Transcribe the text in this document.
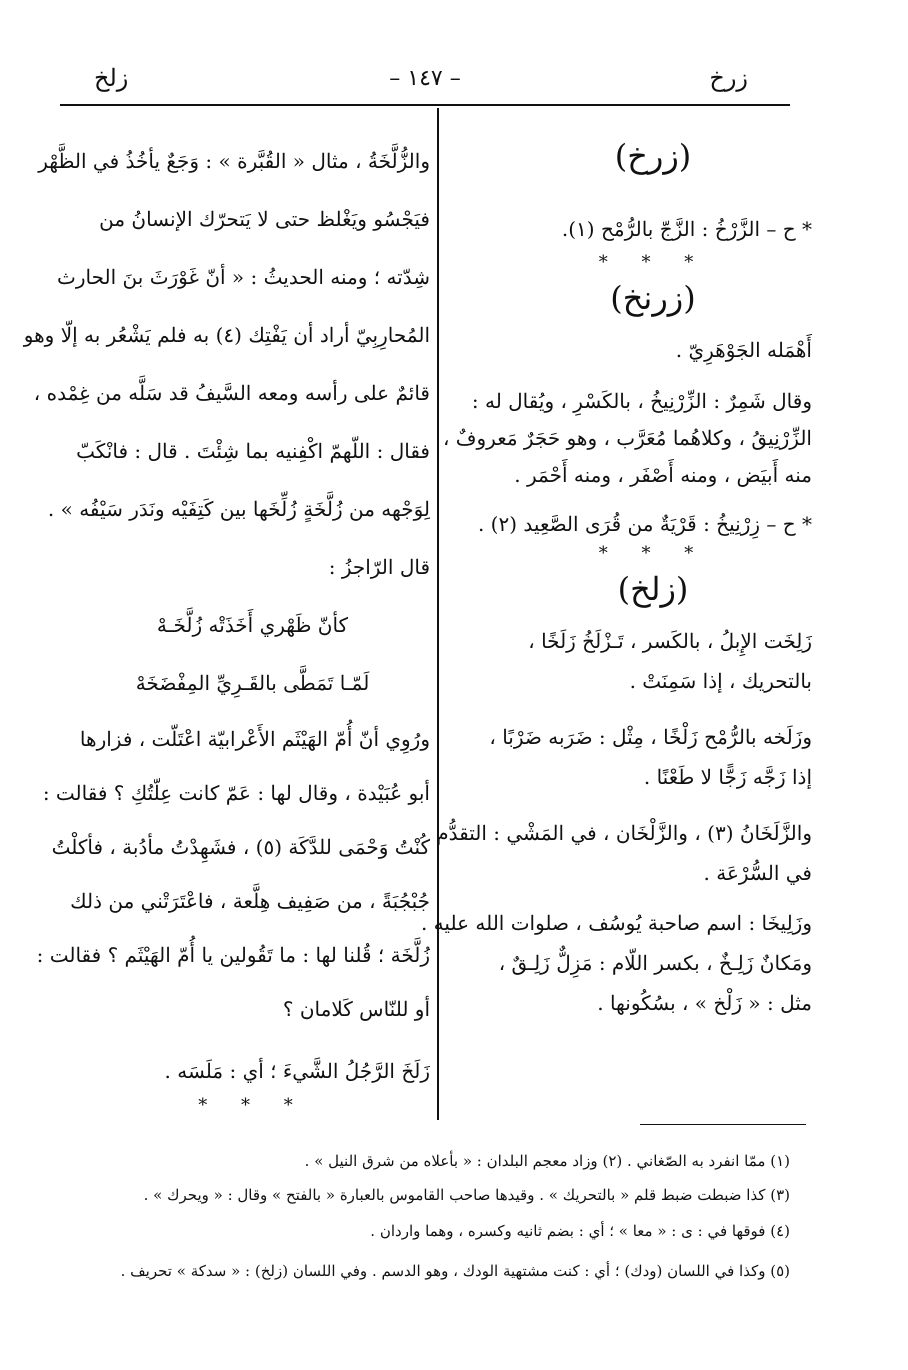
زرخ
– ١٤٧ –
زلخ
(زرخ)

* ح – الزَّرْخُ : الزَّجّ بالرُّمْح (١).

* * *
(زرنخ)

أَهْمَله الجَوْهَرِيّ .

وقال شَمِرٌ : الزِّرْنِيخُ ، بالكَسْرِ ، ويُقال له :

الزِّرْنِيقُ ، وكلاهُما مُعَرَّب ، وهو حَجَرٌ مَعروفٌ ،

منه أَبيَض ، ومنه أَصْفَر ، ومنه أَحْمَر .

* ح – زِرْنِيخُ : قَرْيَةٌ من قُرَى الصَّعِيد (٢) .

* * *
(زلخ)

زَلِخَت الإِبلُ ، بالكَسر ، تَـزْلَخُ زَلَخًا ،

بالتحريك ، إذا سَمِنَتْ .

وزَلَخه بالرُّمْح زَلْخًا ، مِثْل : ضَرَبه ضَرْبًا ،

إذا زَجَّه زَجًّا لا طَعْنًا .

والزَّلَخَانُ (٣) ، والزَّلْخَان ، في المَشْي : التقدُّم

في السُّرْعَة .

وزَلِيخَا : اسم صاحبة يُوسُف ، صلوات الله عليه .

ومَكانٌ زَلِـخٌ ، بكسر اللّام : مَزِلٌّ زَلِـقٌ ،

مثل : « زَلْخ » ، بسُكُونها .

والزُّلَّخَةُ ، مثال « القُبَّرة » : وَجَعٌ يأخُذُ في الظَّهْر

فيَجْسُو ويَغْلظ حتى لا يَتحرّك الإنسانُ من

شِدّته ؛ ومنه الحديثُ : « أنّ غَوْرَثَ بنَ الحارث

المُحارِبِيّ أراد أن يَفْتِك (٤) به فلم يَشْعُر به إلّا وهو

قائمٌ على رأسه ومعه السَّيفُ قد سَلَّه من غِمْده ،

فقال : اللّهمّ اكْفِنيه بما شِئْتَ . قال : فانْكَبّ

لِوَجْهه من زُلَّخَةٍ زُلِّخَها بين كَتِفَيْه ونَدَر سَيْفُه » .

قال الرّاجزُ :

كأنّ ظَهْري أَخَذَتْه زُلَّخَـهْ

لَمّـا تَمَطَّى بالقَـرِيِّ المِفْضَخَهْ

ورُوِي أنّ أُمّ الهَيْثَم الأَعْرابيّة اعْتَلّت ، فزارها

أبو عُبَيْدة ، وقال لها : عَمّ كانت عِلّتُكِ ؟ فقالت :

كُنْتُ وَحْمَى للدَّكَة (٥) ، فشَهِدْتُ مأدُبة ، فأكلْتُ

جُبْجُبَةً ، من صَفِيف هِلَّعة ، فاعْتَرَتْني من ذلك

زُلَّخَة ؛ قُلنا لها : ما تَقُولين يا أُمّ الهَيْثَم ؟ فقالت :

أو للنّاس كَلامان ؟

زَلَخَ الرَّجُلُ الشَّيءَ ؛ أي : مَلَسَه .

* * *
(١) ممّا انفرد به الصّغاني . (٢) وزاد معجم البلدان : « بأعلاه من شرق النيل » .
(٣) كذا ضبطت ضبط قلم « بالتحريك » . وقيدها صاحب القاموس بالعبارة « بالفتح » وقال : « ويحرك » .
(٤) فوقها في : ى : « معا » ؛ أي : بضم ثانيه وكسره ، وهما واردان .
(٥) وكذا في اللسان (ودك) ؛ أي : كنت مشتهية الودك ، وهو الدسم . وفي اللسان (زلخ) : « سدكة » تحريف .
